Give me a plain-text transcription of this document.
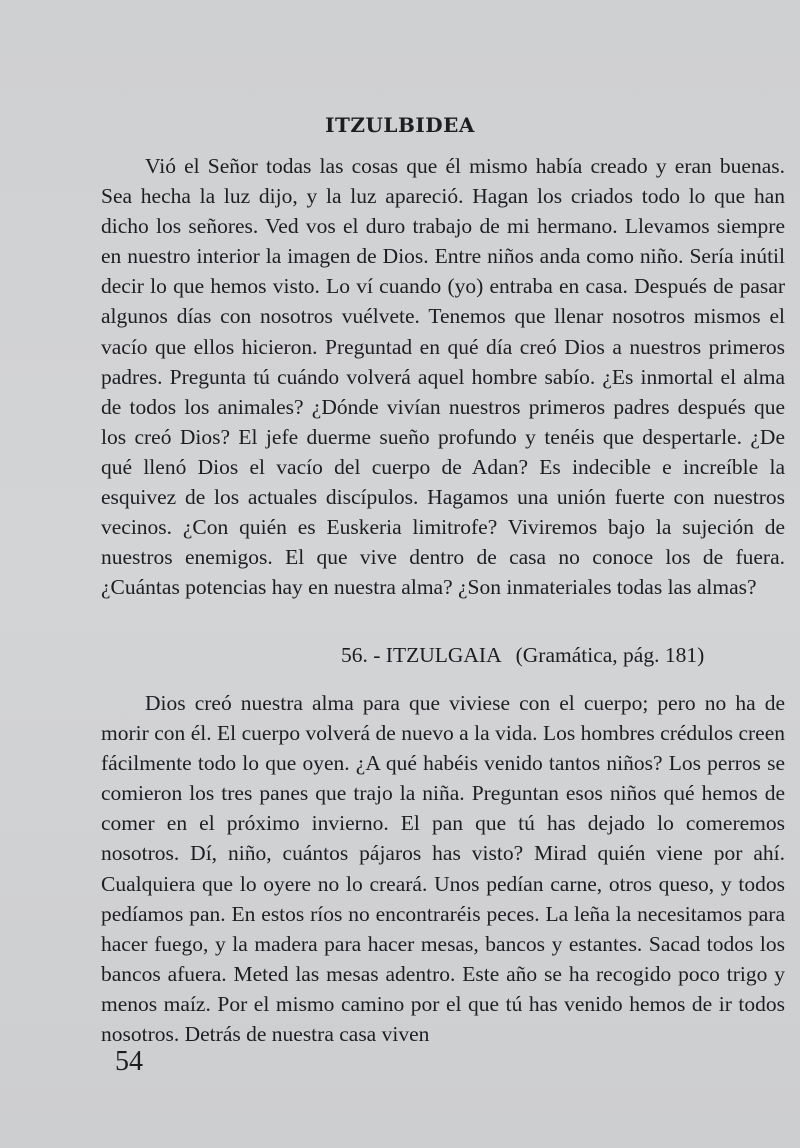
ITZULBIDEA

Vió el Señor todas las cosas que él mismo había creado y eran buenas. Sea hecha la luz dijo, y la luz apareció. Hagan los criados todo lo que han dicho los señores. Ved vos el duro trabajo de mi hermano. Llevamos siempre en nuestro interior la imagen de Dios. Entre niños anda como niño. Sería inútil decir lo que hemos visto. Lo ví cuando (yo) entraba en casa. Después de pasar algunos días con nosotros vuélvete. Tenemos que llenar nosotros mismos el vacío que ellos hicieron. Preguntad en qué día creó Dios a nuestros primeros padres. Pregunta tú cuándo volverá aquel hombre sabío. ¿Es inmortal el alma de todos los animales? ¿Dónde vivían nuestros primeros padres después que los creó Dios? El jefe duerme sueño profundo y tenéis que despertarle. ¿De qué llenó Dios el vacío del cuerpo de Adan? Es indecible e increíble la esquivez de los actuales discípulos. Hagamos una unión fuerte con nuestros vecinos. ¿Con quién es Euskeria limitrofe? Viviremos bajo la sujeción de nuestros enemigos. El que vive dentro de casa no conoce los de fuera. ¿Cuántas potencias hay en nuestra alma? ¿Son inmateriales todas las almas?

56. - ITZULGAIA (Gramática, pág. 181)

Dios creó nuestra alma para que viviese con el cuerpo; pero no ha de morir con él. El cuerpo volverá de nuevo a la vida. Los hombres crédulos creen fácilmente todo lo que oyen. ¿A qué habéis venido tantos niños? Los perros se comieron los tres panes que trajo la niña. Preguntan esos niños qué hemos de comer en el próximo invierno. El pan que tú has dejado lo comeremos nosotros. Dí, niño, cuántos pájaros has visto? Mirad quién viene por ahí. Cualquiera que lo oyere no lo creará. Unos pedían carne, otros queso, y todos pedíamos pan. En estos ríos no encontraréis peces. La leña la necesitamos para hacer fuego, y la madera para hacer mesas, bancos y estantes. Sacad todos los bancos afuera. Meted las mesas adentro. Este año se ha recogido poco trigo y menos maíz. Por el mismo camino por el que tú has venido hemos de ir todos nosotros. Detrás de nuestra casa viven

54
